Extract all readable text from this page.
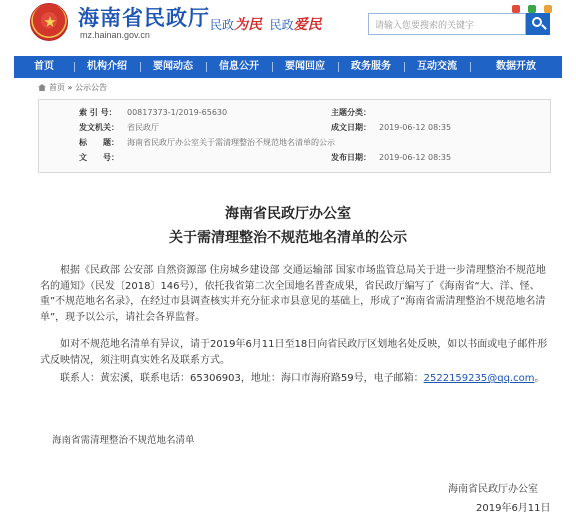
海南省民政厅
mz.hainan.gov.cn
民政为民 民政爱民	请输入您要搜索的关键字
首页	机构介绍	要闻动态	信息公开	要闻回应	政务服务	互动交流	数据开放
首页 » 公示公告
索 引 号： 00817373-1/2019-65630	主题分类：
发文机关： 省民政厅	成文日期： 2019-06-12 08:35
标　　题： 海南省民政厅办公室关于需清理整治不规范地名清单的公示
文　　号：	发布日期： 2019-06-12 08:35
海南省民政厅办公室
关于需清理整治不规范地名清单的公示
根据《民政部 公安部 自然资源部 住房城乡建设部 交通运输部 国家市场监管总局关于进一步清理整治不规范地名的通知》（民发〔2018〕146号），依托我省第二次全国地名普查成果，省民政厅编写了《海南省“大、洋、怪、重”不规范地名名录》，在经过市县调查核实并充分征求市县意见的基础上，形成了“海南省需清理整治不规范地名清单”，现予以公示，请社会各界监督。
如对不规范地名清单有异议，请于2019年6月11日至18日向省民政厅区划地名处反映，如以书面或电子邮件形式反映情况，须注明真实姓名及联系方式。
联系人：黄宏溪，联系电话：65306903，地址：海口市海府路59号，电子邮箱：2522159235@qq.com。
海南省需清理整治不规范地名清单
海南省民政厅办公室
2019年6月11日
